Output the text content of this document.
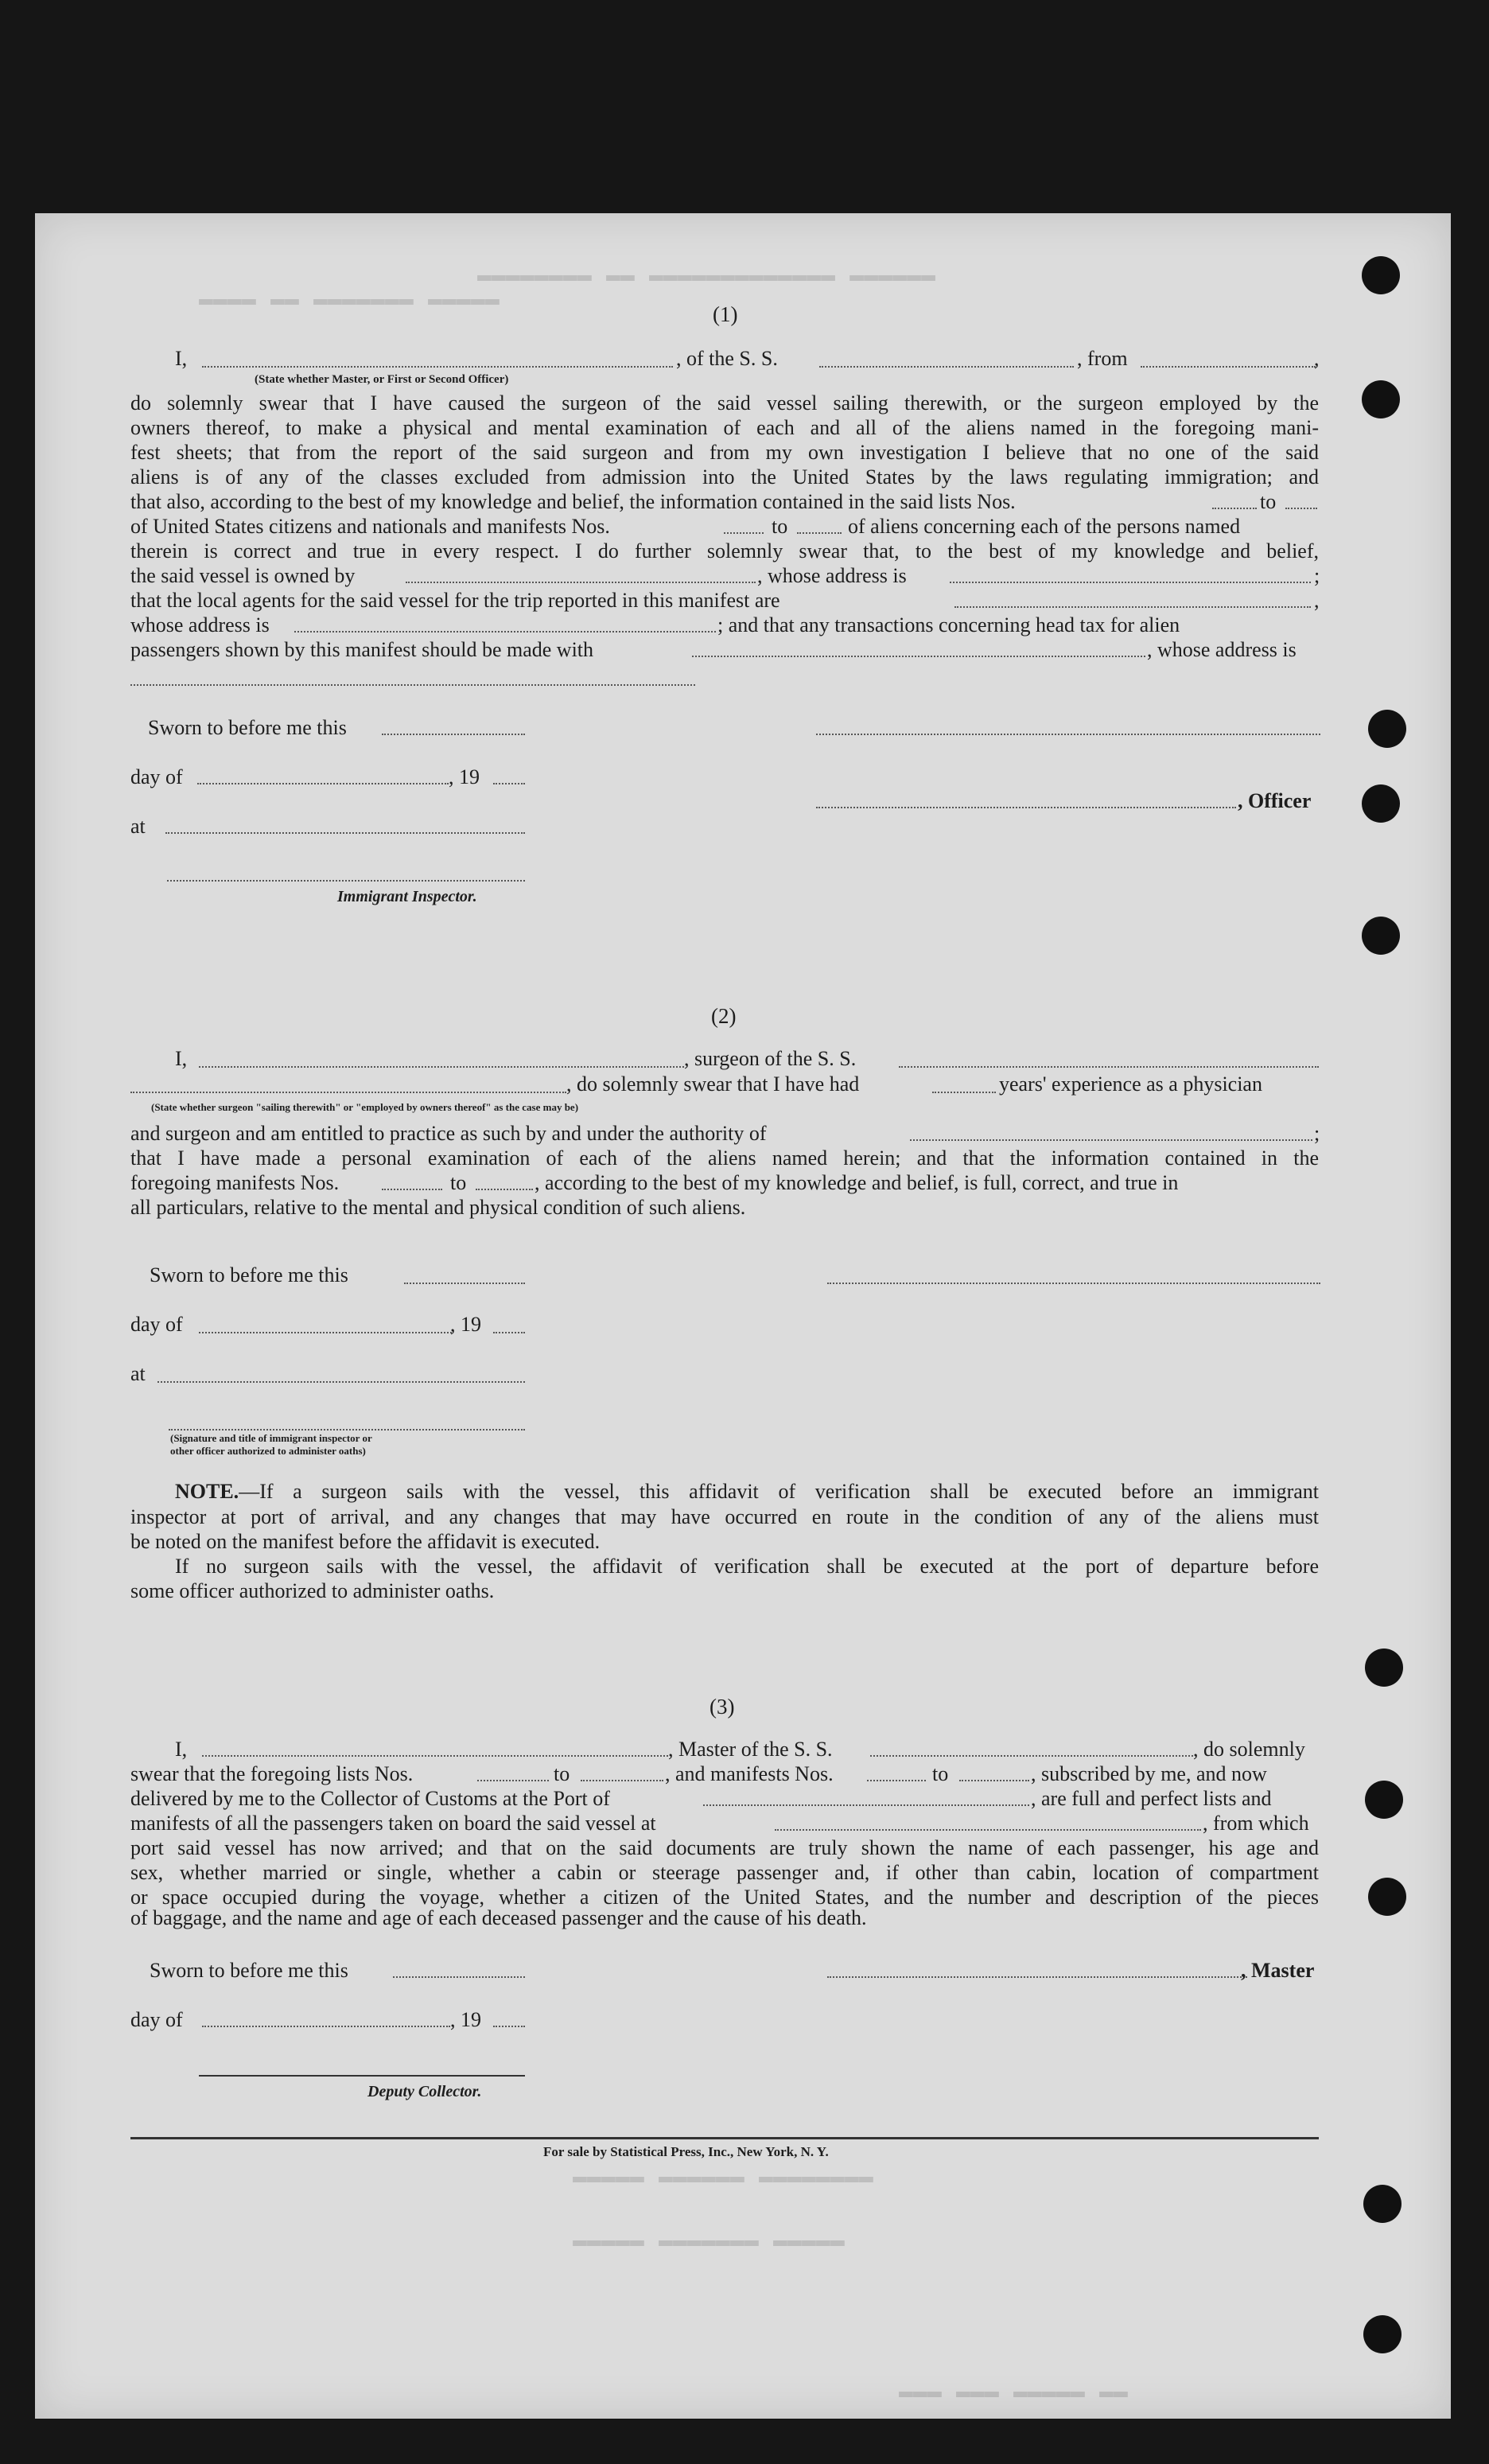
▬▬▬▬ ▬▬ ▬▬▬▬▬▬▬ ▬▬▬▬▬
▬▬▬▬▬▬▬▬ ▬▬ ▬▬▬▬▬▬▬▬▬▬▬▬▬ ▬▬▬▬▬▬
▬▬▬▬▬ ▬▬▬▬▬▬ ▬▬▬▬▬▬▬▬
▬▬▬▬▬ ▬▬▬▬▬▬▬ ▬▬▬▬▬
▬▬▬ ▬▬▬ ▬▬▬▬▬ ▬▬
(1)
I,	, of the S. S.	, from	,
(State whether Master, or First or Second Officer)
do solemnly swear that I have caused the surgeon of the said vessel sailing therewith, or the surgeon employed by the
owners thereof, to make a physical and mental examination of each and all of the aliens named in the foregoing mani-
fest sheets; that from the report of the said surgeon and from my own investigation I believe that no one of the said
aliens is of any of the classes excluded from admission into the United States by the laws regulating immigration; and
that also, according to the best of my knowledge and belief, the information contained in the said lists Nos.	to
of United States citizens and nationals and manifests Nos.	to	of aliens concerning each of the persons named
therein is correct and true in every respect. I do further solemnly swear that, to the best of my knowledge and belief,
the said vessel is owned by	, whose address is	;
that the local agents for the said vessel for the trip reported in this manifest are	,
whose address is	; and that any transactions concerning head tax for alien
passengers shown by this manifest should be made with	, whose address is
Sworn to before me this
day of	, 19
, Officer
at
Immigrant Inspector.
(2)
I,	, surgeon of the S. S.
, do solemnly swear that I have had	years' experience as a physician
(State whether surgeon "sailing therewith" or "employed by owners thereof" as the case may be)
and surgeon and am entitled to practice as such by and under the authority of	;
that I have made a personal examination of each of the aliens named herein; and that the information contained in the
foregoing manifests Nos.	to	, according to the best of my knowledge and belief, is full, correct, and true in
all particulars, relative to the mental and physical condition of such aliens.
Sworn to before me this
day of	, 19
at
(Signature and title of immigrant inspector or
other officer authorized to administer oaths)
NOTE.—If a surgeon sails with the vessel, this affidavit of verification shall be executed before an immigrant
inspector at port of arrival, and any changes that may have occurred en route in the condition of any of the aliens must
be noted on the manifest before the affidavit is executed.
If no surgeon sails with the vessel, the affidavit of verification shall be executed at the port of departure before
some officer authorized to administer oaths.
(3)
I,	, Master of the S. S.	, do solemnly
swear that the foregoing lists Nos.	to	, and manifests Nos.	to	, subscribed by me, and now
delivered by me to the Collector of Customs at the Port of	, are full and perfect lists and
manifests of all the passengers taken on board the said vessel at	, from which
port said vessel has now arrived; and that on the said documents are truly shown the name of each passenger, his age and
sex, whether married or single, whether a cabin or steerage passenger and, if other than cabin, location of compartment
or space occupied during the voyage, whether a citizen of the United States, and the number and description of the pieces
of baggage, and the name and age of each deceased passenger and the cause of his death.
Sworn to before me this	, Master
day of	, 19
Deputy Collector.
For sale by Statistical Press, Inc., New York, N. Y.
